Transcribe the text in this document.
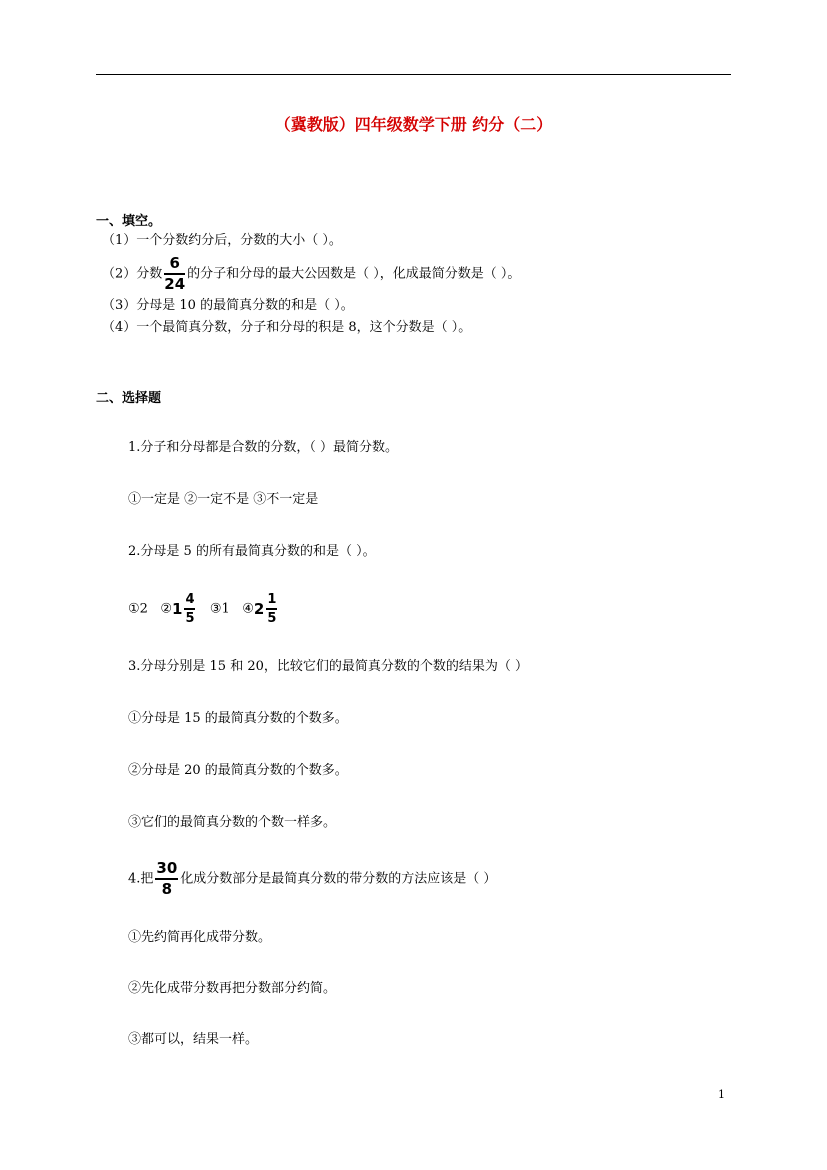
（冀教版）四年级数学下册 约分（二）
一、填空。
（1）一个分数约分后，分数的大小（ ）。
（2）分数 $\frac{6}{24}$ 的分子和分母的最大公因数是（ ），化成最简分数是（ ）。
（3）分母是 10 的最简真分数的和是（ ）。
（4）一个最简真分数，分子和分母的积是 8，这个分数是（ ）。
二、选择题
1.分子和分母都是合数的分数，（ ）最简分数。
①一定是 ②一定不是 ③不一定是
2.分母是 5 的所有最简真分数的和是（ ）。
①2 ②1 $\frac{4}{5}$ ③1 ④2 $\frac{1}{5}$
3.分母分别是 15 和 20，比较它们的最简真分数的个数的结果为（ ）
①分母是 15 的最简真分数的个数多。
②分母是 20 的最简真分数的个数多。
③它们的最简真分数的个数一样多。
4.把 $\frac{30}{8}$ 化成分数部分是最简真分数的带分数的方法应该是（ ）
①先约简再化成带分数。
②先化成带分数再把分数部分约简。
③都可以，结果一样。
1
